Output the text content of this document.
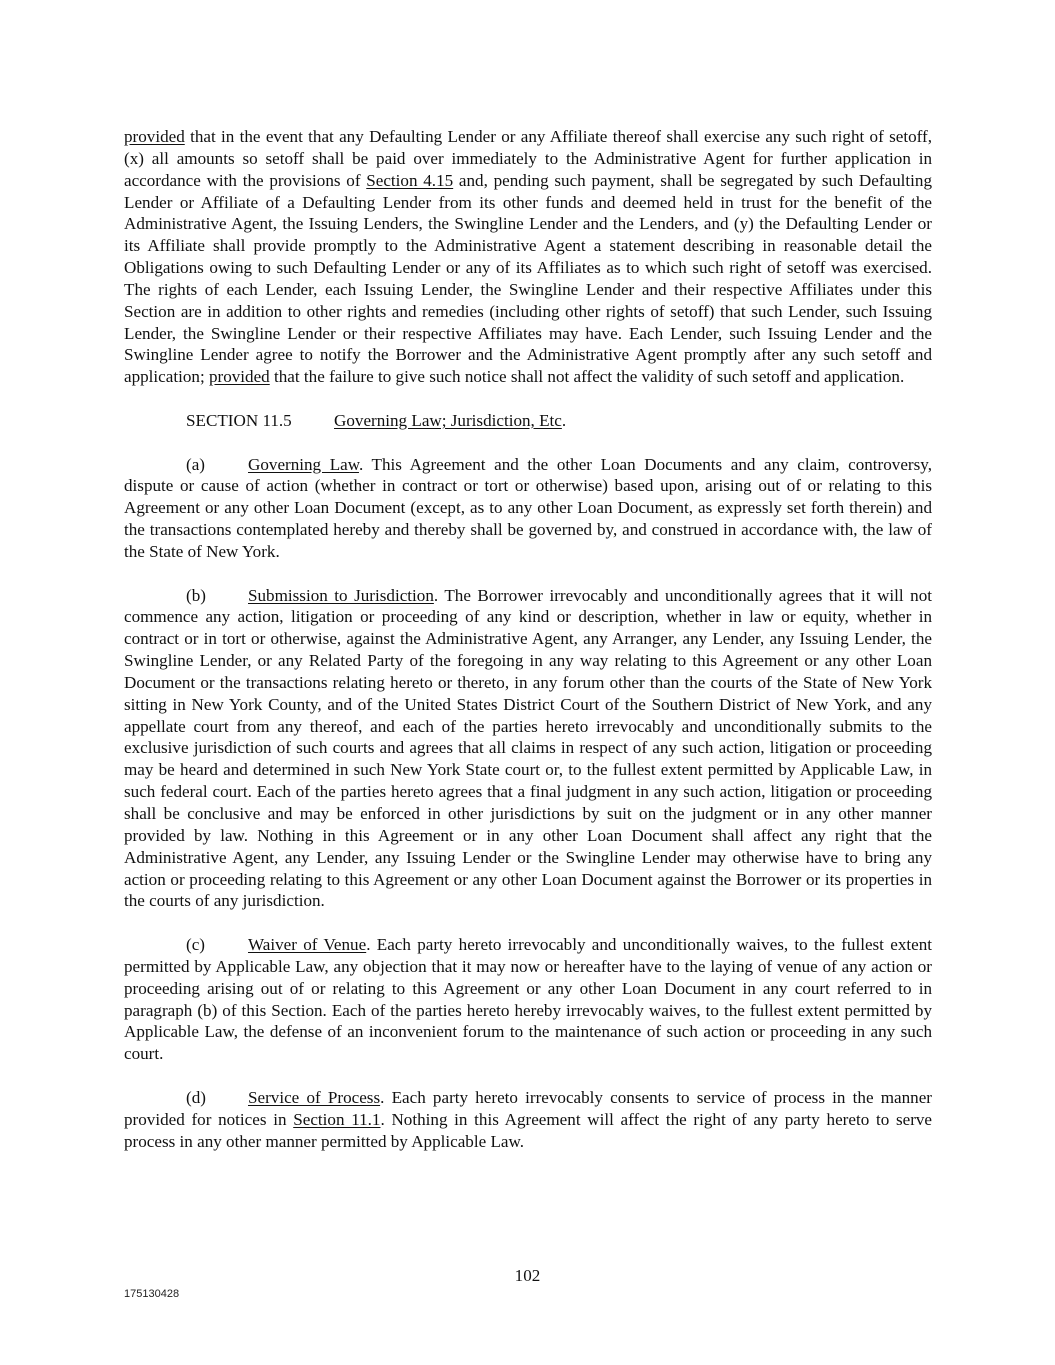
provided that in the event that any Defaulting Lender or any Affiliate thereof shall exercise any such right of setoff, (x) all amounts so setoff shall be paid over immediately to the Administrative Agent for further application in accordance with the provisions of Section 4.15 and, pending such payment, shall be segregated by such Defaulting Lender or Affiliate of a Defaulting Lender from its other funds and deemed held in trust for the benefit of the Administrative Agent, the Issuing Lenders, the Swingline Lender and the Lenders, and (y) the Defaulting Lender or its Affiliate shall provide promptly to the Administrative Agent a statement describing in reasonable detail the Obligations owing to such Defaulting Lender or any of its Affiliates as to which such right of setoff was exercised. The rights of each Lender, each Issuing Lender, the Swingline Lender and their respective Affiliates under this Section are in addition to other rights and remedies (including other rights of setoff) that such Lender, such Issuing Lender, the Swingline Lender or their respective Affiliates may have. Each Lender, such Issuing Lender and the Swingline Lender agree to notify the Borrower and the Administrative Agent promptly after any such setoff and application; provided that the failure to give such notice shall not affect the validity of such setoff and application.

SECTION 11.5 Governing Law; Jurisdiction, Etc.

(a)	Governing Law. This Agreement and the other Loan Documents and any claim, controversy, dispute or cause of action (whether in contract or tort or otherwise) based upon, arising out of or relating to this Agreement or any other Loan Document (except, as to any other Loan Document, as expressly set forth therein) and the transactions contemplated hereby and thereby shall be governed by, and construed in accordance with, the law of the State of New York.

(b) Submission to Jurisdiction. The Borrower irrevocably and unconditionally agrees that it will not commence any action, litigation or proceeding of any kind or description, whether in law or equity, whether in contract or in tort or otherwise, against the Administrative Agent, any Arranger, any Lender, any Issuing Lender, the Swingline Lender, or any Related Party of the foregoing in any way relating to this Agreement or any other Loan Document or the transactions relating hereto or thereto, in any forum other than the courts of the State of New York sitting in New York County, and of the United States District Court of the Southern District of New York, and any appellate court from any thereof, and each of the parties hereto irrevocably and unconditionally submits to the exclusive jurisdiction of such courts and agrees that all claims in respect of any such action, litigation or proceeding may be heard and determined in such New York State court or, to the fullest extent permitted by Applicable Law, in such federal court. Each of the parties hereto agrees that a final judgment in any such action, litigation or proceeding shall be conclusive and may be enforced in other jurisdictions by suit on the judgment or in any other manner provided by law. Nothing in this Agreement or in any other Loan Document shall affect any right that the Administrative Agent, any Lender, any Issuing Lender or the Swingline Lender may otherwise have to bring any action or proceeding relating to this Agreement or any other Loan Document against the Borrower or its properties in the courts of any jurisdiction.

(c)	Waiver of Venue. Each party hereto irrevocably and unconditionally waives, to the fullest extent permitted by Applicable Law, any objection that it may now or hereafter have to the laying of venue of any action or proceeding arising out of or relating to this Agreement or any other Loan Document in any court referred to in paragraph (b) of this Section. Each of the parties hereto hereby irrevocably waives, to the fullest extent permitted by Applicable Law, the defense of an inconvenient forum to the maintenance of such action or proceeding in any such court.

(d) Service of Process. Each party hereto irrevocably consents to service of process in the manner provided for notices in Section 11.1. Nothing in this Agreement will affect the right of any party hereto to serve process in any other manner permitted by Applicable Law.

102
175130428
